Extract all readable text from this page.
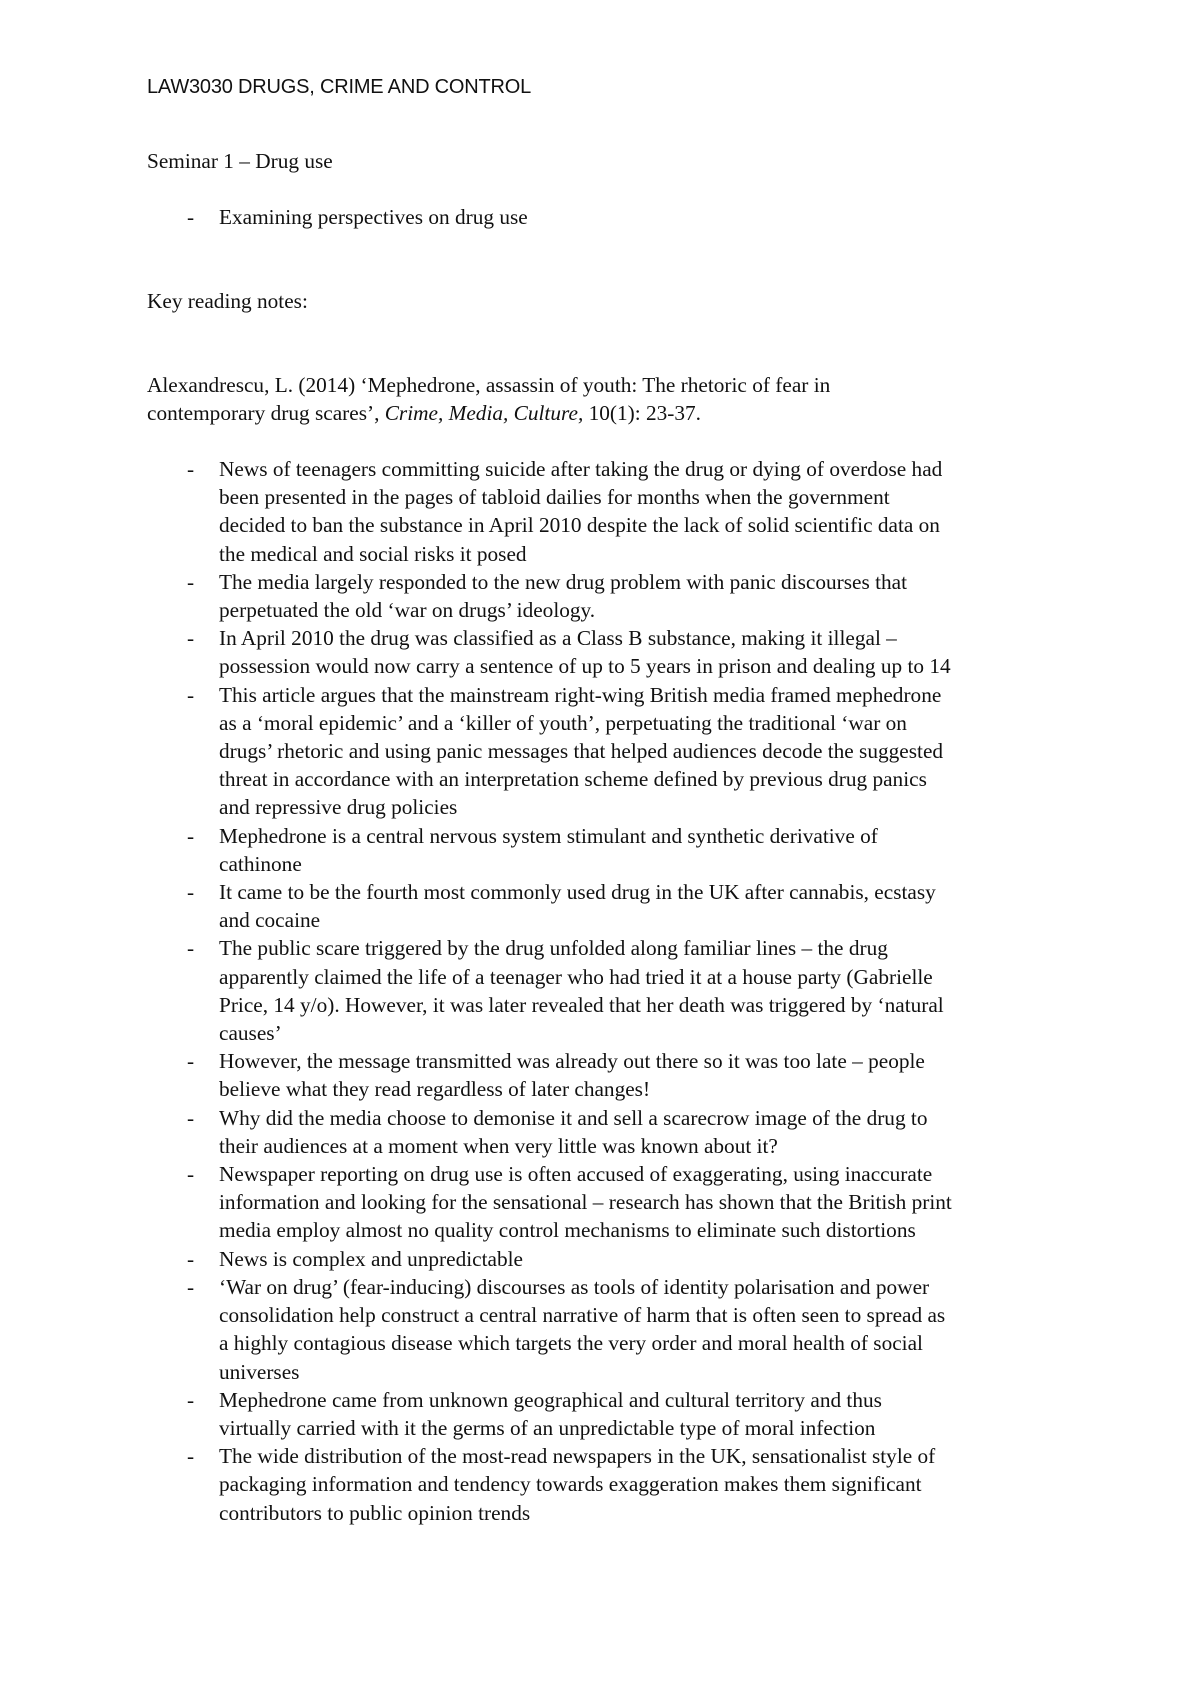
LAW3030 DRUGS, CRIME AND CONTROL
Seminar 1 – Drug use
- Examining perspectives on drug use
Key reading notes:
Alexandrescu, L. (2014) ‘Mephedrone, assassin of youth: The rhetoric of fear in
contemporary drug scares’, Crime, Media, Culture, 10(1): 23-37.
- News of teenagers committing suicide after taking the drug or dying of overdose had
been presented in the pages of tabloid dailies for months when the government
decided to ban the substance in April 2010 despite the lack of solid scientific data on
the medical and social risks it posed
- The media largely responded to the new drug problem with panic discourses that
perpetuated the old ‘war on drugs’ ideology.
- In April 2010 the drug was classified as a Class B substance, making it illegal –
possession would now carry a sentence of up to 5 years in prison and dealing up to 14
- This article argues that the mainstream right-wing British media framed mephedrone
as a ‘moral epidemic’ and a ‘killer of youth’, perpetuating the traditional ‘war on
drugs’ rhetoric and using panic messages that helped audiences decode the suggested
threat in accordance with an interpretation scheme defined by previous drug panics
and repressive drug policies
- Mephedrone is a central nervous system stimulant and synthetic derivative of
cathinone
- It came to be the fourth most commonly used drug in the UK after cannabis, ecstasy
and cocaine
- The public scare triggered by the drug unfolded along familiar lines – the drug
apparently claimed the life of a teenager who had tried it at a house party (Gabrielle
Price, 14 y/o). However, it was later revealed that her death was triggered by ‘natural
causes’
- However, the message transmitted was already out there so it was too late – people
believe what they read regardless of later changes!
- Why did the media choose to demonise it and sell a scarecrow image of the drug to
their audiences at a moment when very little was known about it?
- Newspaper reporting on drug use is often accused of exaggerating, using inaccurate
information and looking for the sensational – research has shown that the British print
media employ almost no quality control mechanisms to eliminate such distortions
- News is complex and unpredictable
- ‘War on drug’ (fear-inducing) discourses as tools of identity polarisation and power
consolidation help construct a central narrative of harm that is often seen to spread as
a highly contagious disease which targets the very order and moral health of social
universes
- Mephedrone came from unknown geographical and cultural territory and thus
virtually carried with it the germs of an unpredictable type of moral infection
- The wide distribution of the most-read newspapers in the UK, sensationalist style of
packaging information and tendency towards exaggeration makes them significant
contributors to public opinion trends
